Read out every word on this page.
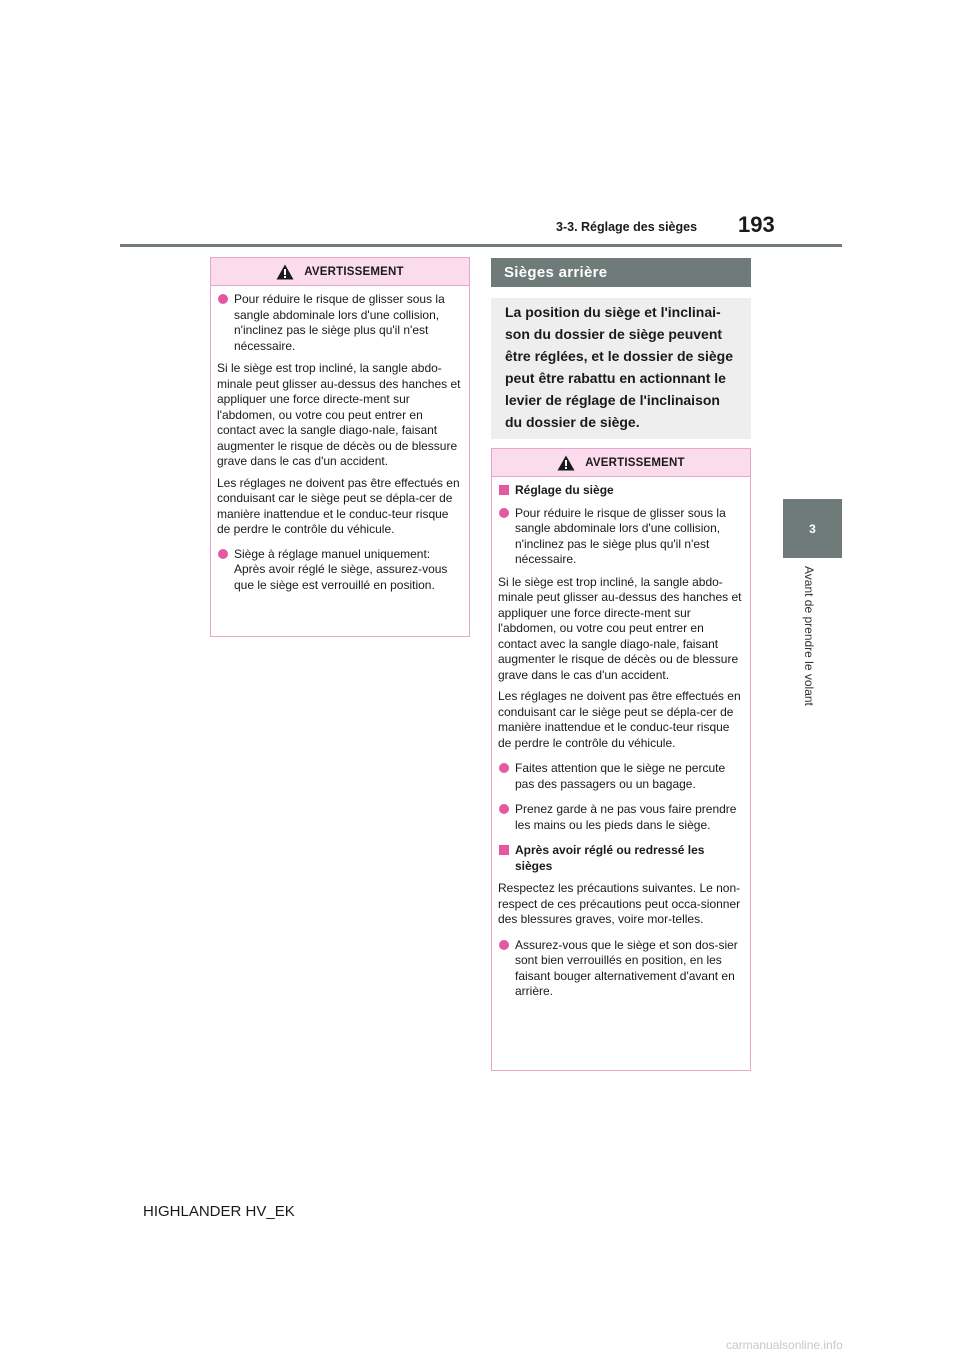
193
3-3. Réglage des sièges
3
Avant de prendre le volant
AVERTISSEMENT
Pour réduire le risque de glisser sous la sangle abdominale lors d'une collision, n'inclinez pas le siège plus qu'il n'est nécessaire.

Si le siège est trop incliné, la sangle abdo-minale peut glisser au-dessus des hanches et appliquer une force directe-ment sur l'abdomen, ou votre cou peut entrer en contact avec la sangle diago-nale, faisant augmenter le risque de décès ou de blessure grave dans le cas d'un accident.

Les réglages ne doivent pas être effectués en conduisant car le siège peut se dépla-cer de manière inattendue et le conduc-teur risque de perdre le contrôle du véhicule.

Siège à réglage manuel uniquement: Après avoir réglé le siège, assurez-vous que le siège est verrouillé en position.
Sièges arrière
La position du siège et l'inclinai-son du dossier de siège peuvent être réglées, et le dossier de siège peut être rabattu en actionnant le levier de réglage de l'inclinaison du dossier de siège.
AVERTISSEMENT
Réglage du siège
Pour réduire le risque de glisser sous la sangle abdominale lors d'une collision, n'inclinez pas le siège plus qu'il n'est nécessaire.

Si le siège est trop incliné, la sangle abdo-minale peut glisser au-dessus des hanches et appliquer une force directe-ment sur l'abdomen, ou votre cou peut entrer en contact avec la sangle diago-nale, faisant augmenter le risque de décès ou de blessure grave dans le cas d'un accident.

Les réglages ne doivent pas être effectués en conduisant car le siège peut se dépla-cer de manière inattendue et le conduc-teur risque de perdre le contrôle du véhicule.

Faites attention que le siège ne percute pas des passagers ou un bagage.
Prenez garde à ne pas vous faire prendre les mains ou les pieds dans le siège.
Après avoir réglé ou redressé les sièges

Respectez les précautions suivantes. Le non-respect de ces précautions peut occa-sionner des blessures graves, voire mor-telles.

Assurez-vous que le siège et son dos-sier sont bien verrouillés en position, en les faisant bouger alternativement d'avant en arrière.
HIGHLANDER HV_EK
carmanualsonline.info
